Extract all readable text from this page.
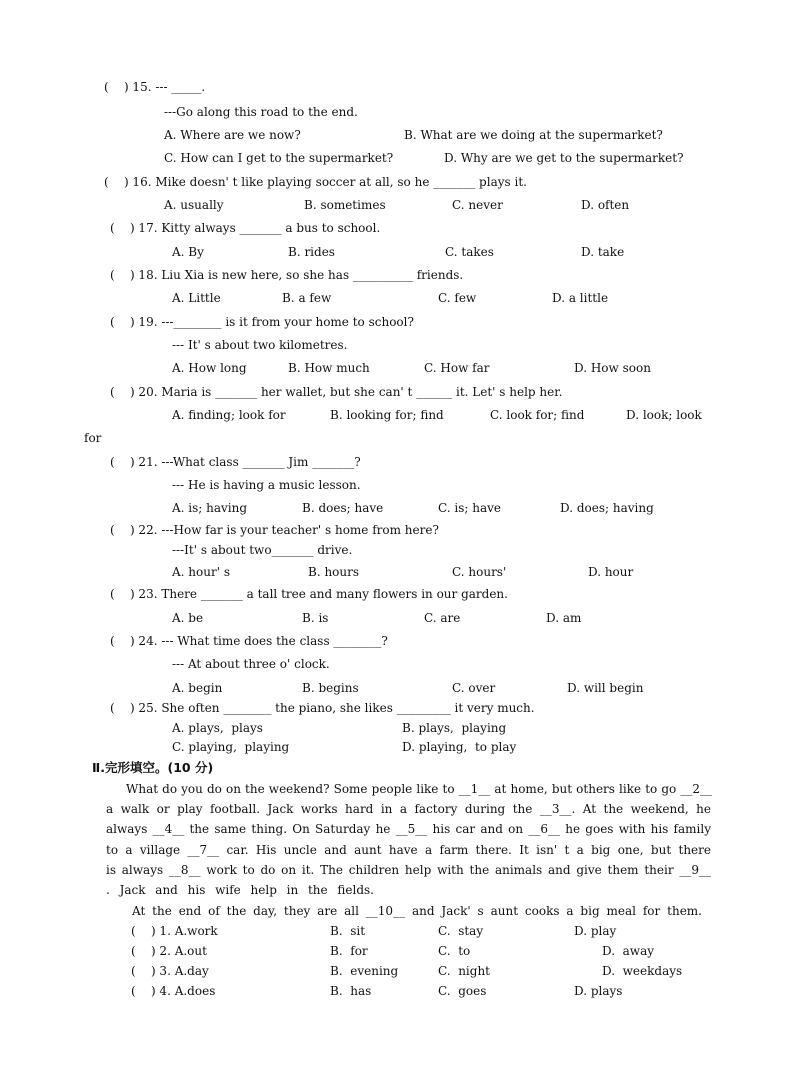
(    ) 15. --- _____.
---Go along this road to the end.
A. Where are we now?	B. What are we doing at the supermarket?
C. How can I get to the supermarket?	D. Why are we get to the supermarket?
(    ) 16. Mike doesn' t like playing soccer at all, so he _______ plays it.
A. usually	B. sometimes	C. never	D. often
(    ) 17. Kitty always _______ a bus to school.
A. By	B. rides	C. takes	D. take
(    ) 18. Liu Xia is new here, so she has __________ friends.
A. Little	B. a few	C. few	D. a little
(    ) 19. ---________ is it from your home to school?
--- It' s about two kilometres.
A. How long	B. How much	C. How far	D. How soon
(    ) 20. Maria is _______ her wallet, but she can' t ______ it. Let' s help her.
A. finding; look for	B. looking for; find	C. look for; find	D. look; look
for
(    ) 21. ---What class _______ Jim _______?
--- He is having a music lesson.
A. is; having	B. does; have	C. is; have	D. does; having
(    ) 22. ---How far is your teacher' s home from here?
---It' s about two_______ drive.
A. hour' s	B. hours	C. hours'	D. hour
(    ) 23. There _______ a tall tree and many flowers in our garden.
A. be	B. is	C. are	D. am
(    ) 24. --- What time does the class ________?
--- At about three o' clock.
A. begin	B. begins	C. over	D. will begin
(    ) 25. She often ________ the piano, she likes _________ it very much.
A. plays,  plays	B. plays,  playing
C. playing,  playing	D. playing,  to play
Ⅱ.完形填空。(10 分)
What do you do on the weekend? Some people like to __1__ at home, but others like to go __2__
a walk or play football. Jack works hard in a factory during the __3__. At the weekend, he
always __4__ the same thing. On Saturday he __5__ his car and on __6__ he goes with his family
to a village __7__ car. His uncle and aunt have a farm there. It isn' t a big one, but there
is always __8__ work to do on it. The children help with the animals and give them their __9__
. Jack and his wife help in the fields.
At the end of the day, they are all __10__ and Jack' s aunt cooks a big meal for them.
(    ) 1. A.work	B.  sit	C.  stay	D. play
(    ) 2. A.out	B.  for	C.  to	D.  away
(    ) 3. A.day	B.  evening	C.  night	D.  weekdays
(    ) 4. A.does	B.  has	C.  goes	D. plays
